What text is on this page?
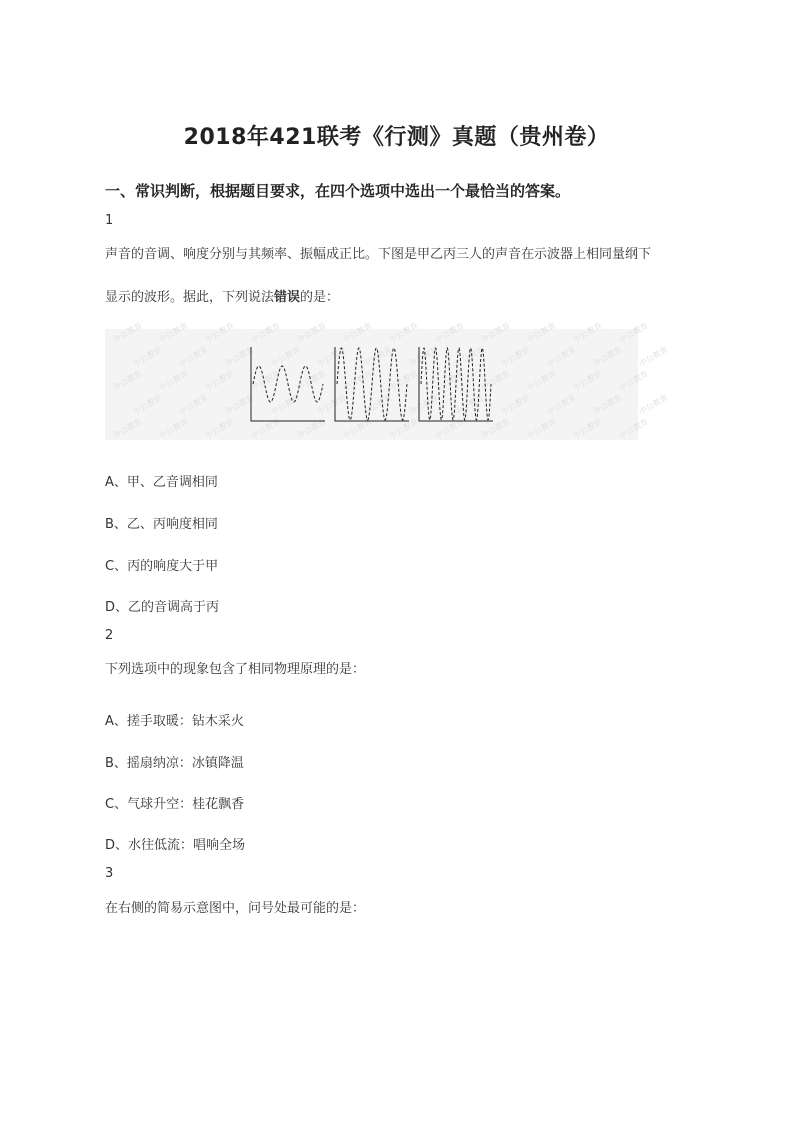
2018年421联考《行测》真题（贵州卷）
一、常识判断，根据题目要求，在四个选项中选出一个最恰当的答案。
1
声音的音调、响度分别与其频率、振幅成正比。下图是甲乙丙三人的声音在示波器上相同量纲下
显示的波形。据此，下列说法错误的是：
中公教育 中公教育 中公教育 中公教育 中公教育 中公教育 中公教育 中公教育 中公教育 中公教育 中公教育 中公教育
中公教育 中公教育 中公教育 中公教育 中公教育 中公教育 中公教育 中公教育 中公教育 中公教育 中公教育 中公教育
中公教育 中公教育 中公教育 中公教育 中公教育 中公教育 中公教育 中公教育 中公教育 中公教育 中公教育 中公教育
中公教育 中公教育 中公教育 中公教育 中公教育 中公教育 中公教育 中公教育 中公教育 中公教育 中公教育 中公教育
中公教育 中公教育 中公教育 中公教育 中公教育 中公教育 中公教育 中公教育 中公教育 中公教育 中公教育 中公教育
A、甲、乙音调相同
B、乙、丙响度相同
C、丙的响度大于甲
D、乙的音调高于丙
2
下列选项中的现象包含了相同物理原理的是：
A、搓手取暖：钻木采火
B、摇扇纳凉：冰镇降温
C、气球升空：桂花飘香
D、水往低流：唱响全场
3
在右侧的简易示意图中，问号处最可能的是：
